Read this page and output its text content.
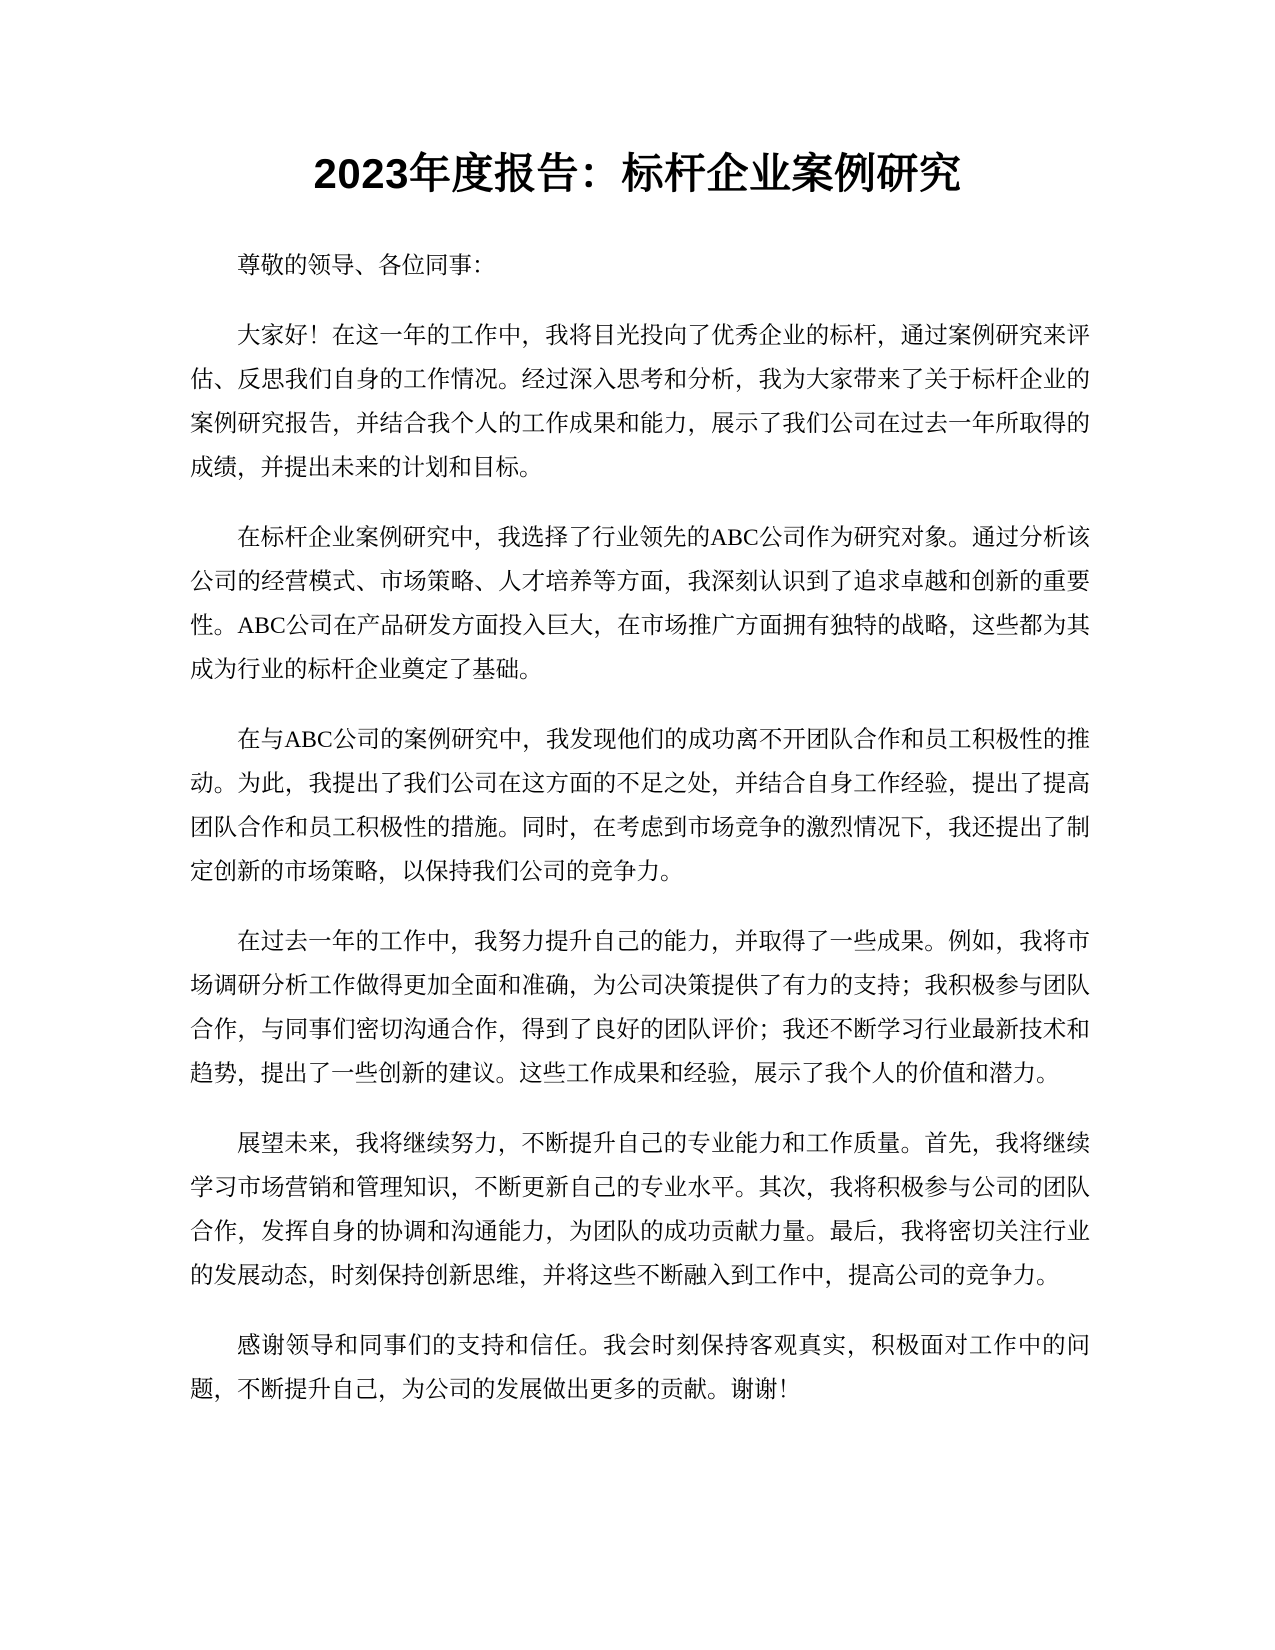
2023年度报告：标杆企业案例研究

尊敬的领导、各位同事：

大家好！在这一年的工作中，我将目光投向了优秀企业的标杆，通过案例研究来评估、反思我们自身的工作情况。经过深入思考和分析，我为大家带来了关于标杆企业的案例研究报告，并结合我个人的工作成果和能力，展示了我们公司在过去一年所取得的成绩，并提出未来的计划和目标。

在标杆企业案例研究中，我选择了行业领先的ABC公司作为研究对象。通过分析该公司的经营模式、市场策略、人才培养等方面，我深刻认识到了追求卓越和创新的重要性。ABC公司在产品研发方面投入巨大，在市场推广方面拥有独特的战略，这些都为其成为行业的标杆企业奠定了基础。

在与ABC公司的案例研究中，我发现他们的成功离不开团队合作和员工积极性的推动。为此，我提出了我们公司在这方面的不足之处，并结合自身工作经验，提出了提高团队合作和员工积极性的措施。同时，在考虑到市场竞争的激烈情况下，我还提出了制定创新的市场策略，以保持我们公司的竞争力。

在过去一年的工作中，我努力提升自己的能力，并取得了一些成果。例如，我将市场调研分析工作做得更加全面和准确，为公司决策提供了有力的支持；我积极参与团队合作，与同事们密切沟通合作，得到了良好的团队评价；我还不断学习行业最新技术和趋势，提出了一些创新的建议。这些工作成果和经验，展示了我个人的价值和潜力。

展望未来，我将继续努力，不断提升自己的专业能力和工作质量。首先，我将继续学习市场营销和管理知识，不断更新自己的专业水平。其次，我将积极参与公司的团队合作，发挥自身的协调和沟通能力，为团队的成功贡献力量。最后，我将密切关注行业的发展动态，时刻保持创新思维，并将这些不断融入到工作中，提高公司的竞争力。

感谢领导和同事们的支持和信任。我会时刻保持客观真实，积极面对工作中的问题，不断提升自己，为公司的发展做出更多的贡献。谢谢！
